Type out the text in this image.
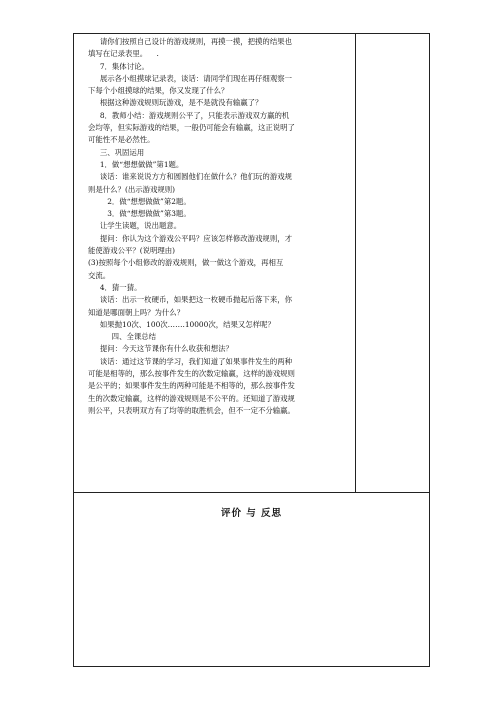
请你们按照自己设计的游戏规则，再摸一摸，把摸的结果也
填写在记录表里。    .
7．集体讨论。
展示各小组摸球记录表，谈话：请同学们现在再仔细观察一
下每个小组摸球的结果，你又发现了什么？
根据这种游戏规则玩游戏，是不是就没有输赢了？
8．教师小结：游戏规则公平了，只能表示游戏双方赢的机
会均等，但实际游戏的结果，一般仍可能会有输赢，这正说明了
可能性不是必然性。
三、巩固运用
1．做“想想做做”第1题。
谈话：谁来说说方方和圆圆他们在做什么？他们玩的游戏规
则是什么？(出示游戏规则)
2．做“想想做做”第2题。
3．做“想想做做”第3题。
让学生读题，说出题意。
提问：你认为这个游戏公平吗？应该怎样修改游戏规则，才
能使游戏公平？(说明理由)
(3)按照每个小组修改的游戏规则，做一做这个游戏，再相互
交流。
4．猜一猜。
谈话：出示一枚硬币，如果把这一枚硬币抛起后落下来，你
知道是哪面朝上吗？为什么？
如果抛10次、100次…….10000次，结果又怎样呢？
四、全课总结
提问：今天这节课你有什么收获和想法？
谈话：通过这节课的学习，我们知道了如果事件发生的两种
可能是相等的，那么按事件发生的次数定输赢，这样的游戏规则
是公平的；如果事件发生的两种可能是不相等的，那么按事件发
生的次数定输赢，这样的游戏规则是不公平的。还知道了游戏规
则公平，只表明双方有了均等的取胜机会，但不一定不分输赢。
评价 与 反思
